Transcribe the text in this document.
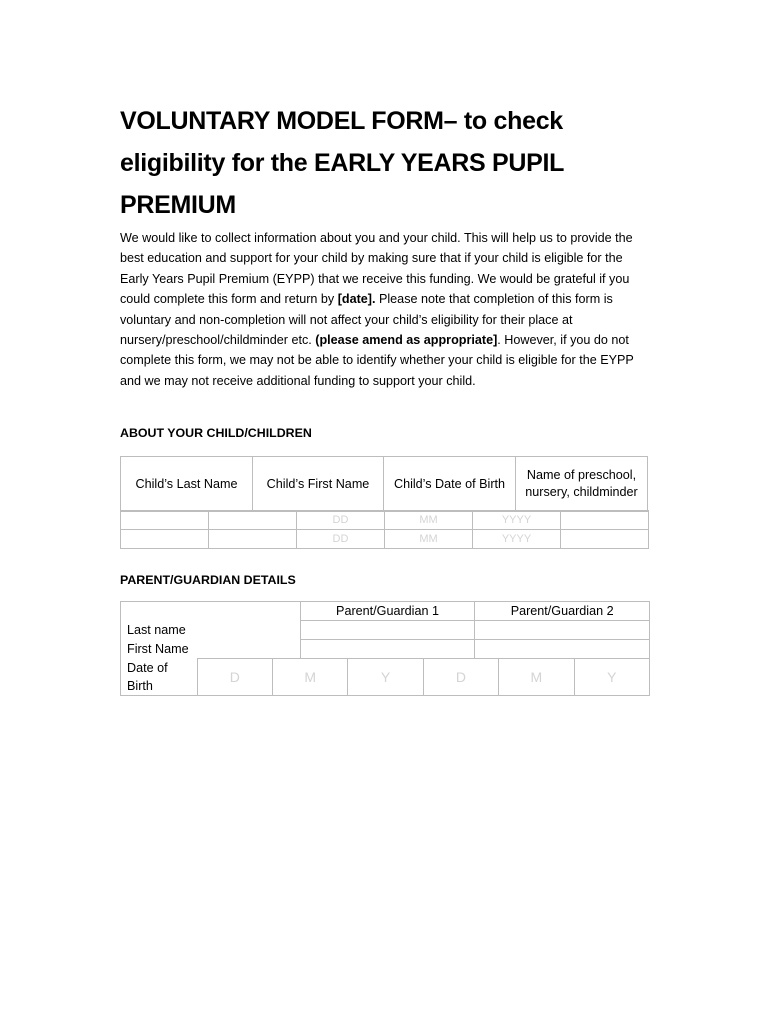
VOLUNTARY MODEL FORM– to check eligibility for the EARLY YEARS PUPIL PREMIUM
We would like to collect information about you and your child. This will help us to provide the best education and support for your child by making sure that if your child is eligible for the Early Years Pupil Premium (EYPP) that we receive this funding. We would be grateful if you could complete this form and return by [date]. Please note that completion of this form is voluntary and non-completion will not affect your child’s eligibility for their place at nursery/preschool/childminder etc. (please amend as appropriate]. However, if you do not complete this form, we may not be able to identify whether your child is eligible for the EYPP and we may not receive additional funding to support your child.
ABOUT YOUR CHILD/CHILDREN
Child’s Last Name	Child’s First Name	Child’s Date of Birth	Name of preschool, nursery, childminder
		DD	MM	YYYY	
		DD	MM	YYYY	
PARENT/GUARDIAN DETAILS
	Parent/Guardian 1	Parent/Guardian 2
Last name		
First Name		
Date of Birth	D	M	Y	D	M	Y
